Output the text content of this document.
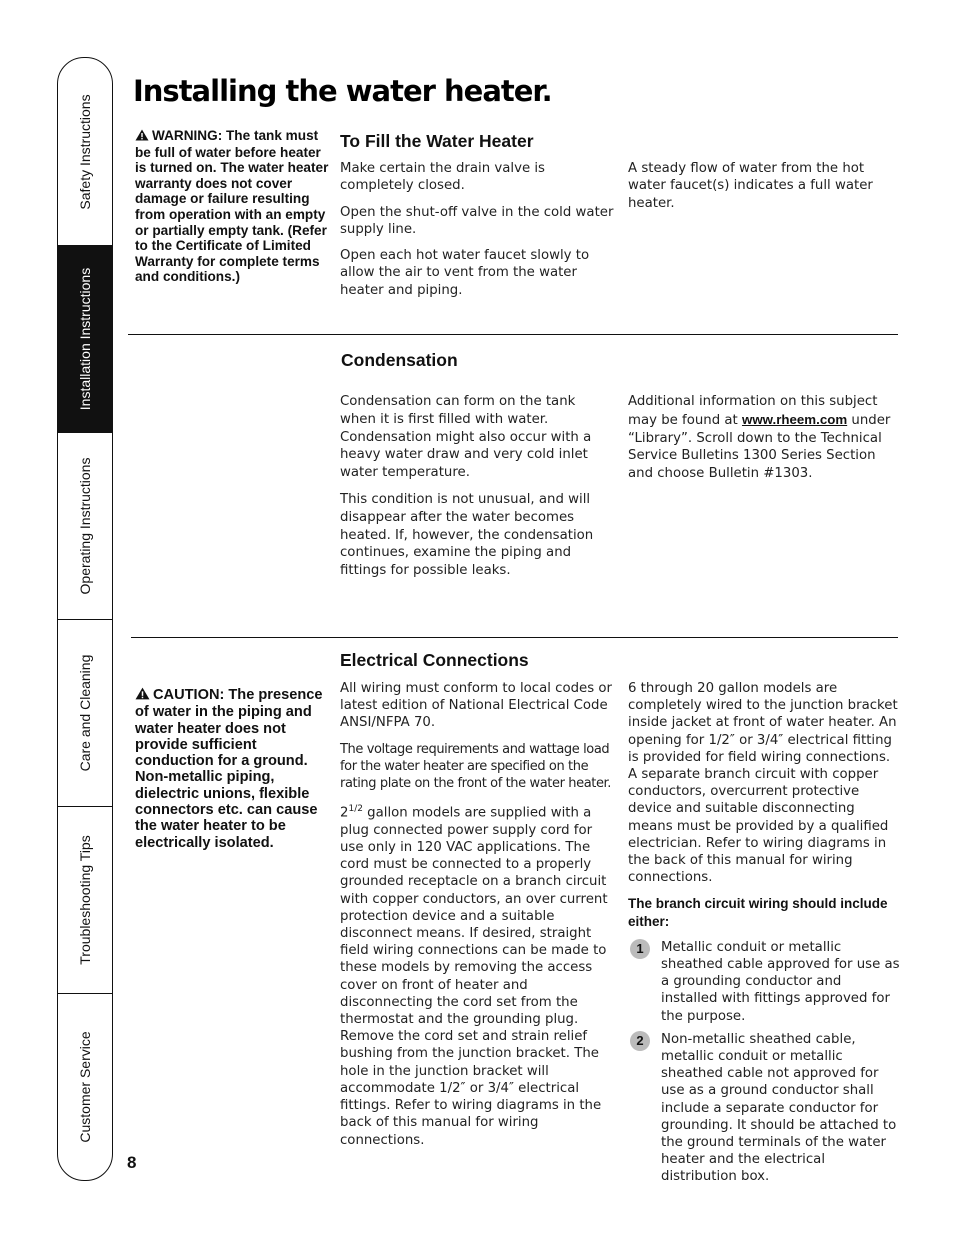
Safety Instructions
Installation Instructions
Operating Instructions
Care and Cleaning
Troubleshooting Tips
Customer Service
Installing the water heater.
WARNING: The tank must be full of water before heater is turned on. The water heater warranty does not cover damage or failure resulting from operation with an empty or partially empty tank. (Refer to the Certificate of Limited Warranty for complete terms and conditions.)
To Fill the Water Heater

Make certain the drain valve is completely closed.

Open the shut-off valve in the cold water supply line.

Open each hot water faucet slowly to allow the air to vent from the water heater and piping.

A steady flow of water from the hot water faucet(s) indicates a full water heater.

Condensation

Condensation can form on the tank when it is first filled with water. Condensation might also occur with a heavy water draw and very cold inlet water temperature.

This condition is not unusual, and will disappear after the water becomes heated. If, however, the condensation continues, examine the piping and fittings for possible leaks.

Additional information on this subject may be found at www.rheem.com under “Library”. Scroll down to the Technical Service Bulletins 1300 Series Section and choose Bulletin #1303.

Electrical Connections
CAUTION: The presence of water in the piping and water heater does not provide sufficient conduction for a ground. Non-metallic piping, dielectric unions, flexible connectors etc. can cause the water heater to be electrically isolated.

All wiring must conform to local codes or latest edition of National Electrical Code ANSI/NFPA 70.

The voltage requirements and wattage load for the water heater are specified on the rating plate on the front of the water heater.

$2^{1/2}$ gallon models are supplied with a plug connected power supply cord for use only in 120 VAC applications. The cord must be connected to a properly grounded receptacle on a branch circuit with copper conductors, an over current protection device and a suitable disconnect means. If desired, straight field wiring connections can be made to these models by removing the access cover on front of heater and disconnecting the cord set from the thermostat and the grounding plug. Remove the cord set and strain relief bushing from the junction bracket. The hole in the junction bracket will accommodate 1/2″ or 3/4″ electrical fittings. Refer to wiring diagrams in the back of this manual for wiring connections.

6 through 20 gallon models are completely wired to the junction bracket inside jacket at front of water heater. An opening for 1/2″ or 3/4″ electrical fitting is provided for field wiring connections. A separate branch circuit with copper conductors, overcurrent protective device and suitable disconnecting means must be provided by a qualified electrician. Refer to wiring diagrams in the back of this manual for wiring connections.

The branch circuit wiring should include either:

1	Metallic conduit or metallic sheathed cable approved for use as a grounding conductor and installed with fittings approved for the purpose.
2	Non-metallic sheathed cable, metallic conduit or metallic sheathed cable not approved for use as a ground conductor shall include a separate conductor for grounding. It should be attached to the ground terminals of the water heater and the electrical distribution box.
8
